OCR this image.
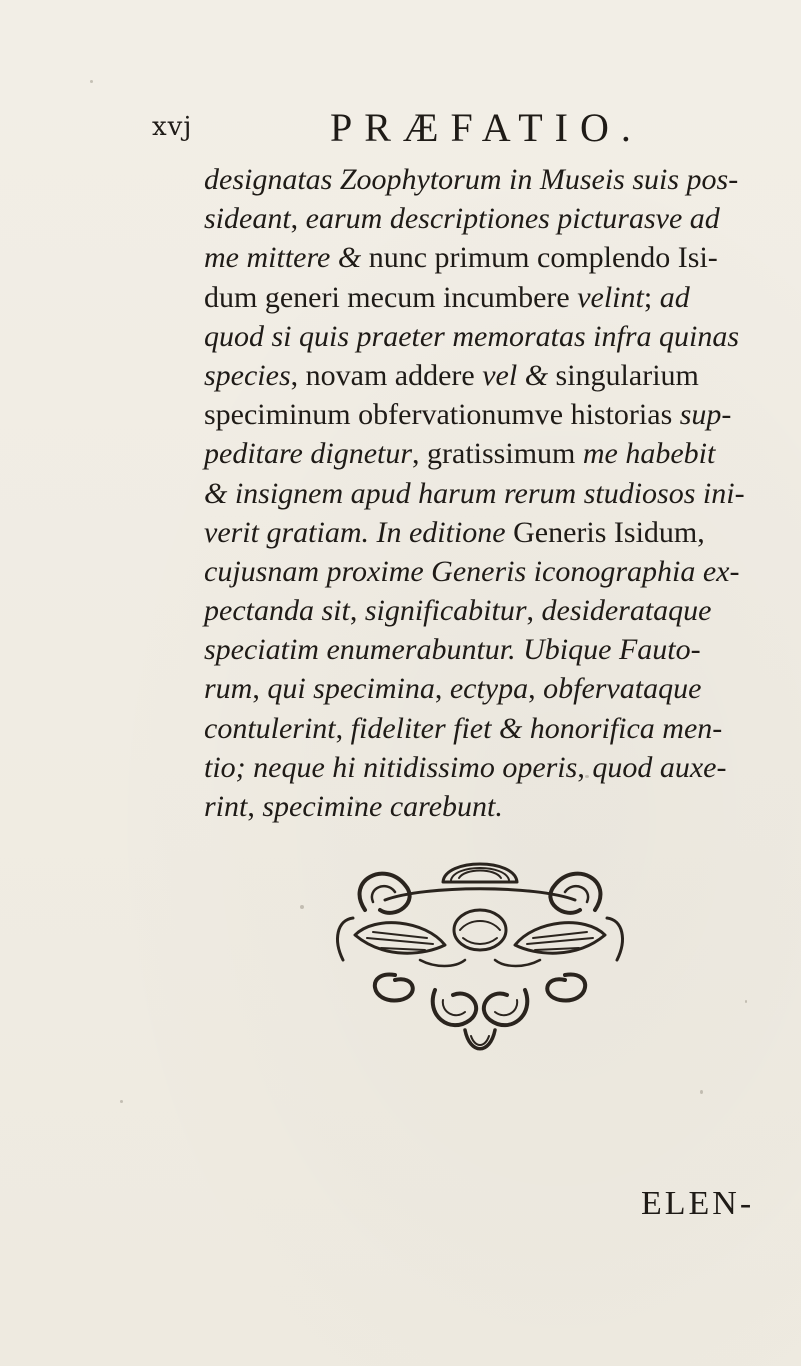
xvj	PRÆFATIO.
designatas Zoophytorum in Museis suis pos-
sideant, earum descriptiones picturasve ad
me mittere & nunc primum complendo Isi-
dum generi mecum incumbere velint; ad
quod si quis praeter memoratas infra quinas
species, novam addere vel & singularium
speciminum obfervationumve historias sup-
peditare dignetur, gratissimum me habebit
& insignem apud harum rerum studiosos ini-
verit gratiam. In editione Generis Isidum,
cujusnam proxime Generis iconographia ex-
pectanda sit, significabitur, desiderataque
speciatim enumerabuntur. Ubique Fauto-
rum, qui specimina, ectypa, obfervataque
contulerint, fideliter fiet & honorifica men-
tio; neque hi nitidissimo operis, quod auxe-
rint, specimine carebunt.
ELEN-
